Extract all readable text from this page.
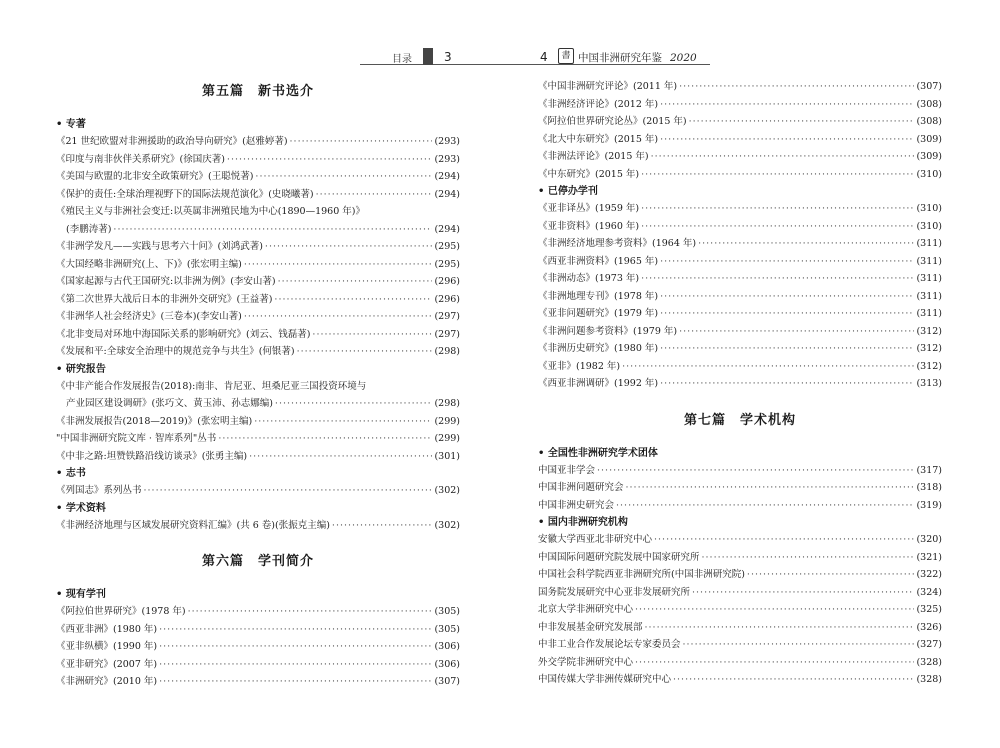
目录	3
第五篇　新书选介
• 专著
《21 世纪欧盟对非洲援助的政治导向研究》(赵雅婷著) ·····	(293)
《印度与南非伙伴关系研究》(徐国庆著) ·····	(293)
《美国与欧盟的北非安全政策研究》(王聪悦著) ·····	(294)
《保护的责任:全球治理视野下的国际法规范演化》(史晓曦著) ·····	(294)
《殖民主义与非洲社会变迁:以英属非洲殖民地为中心(1890—1960 年)》
(李鹏涛著) ·····	(294)
《非洲学发凡——实践与思考六十问》(刘鸿武著) ·····	(295)
《大国经略非洲研究(上、下)》(张宏明主编) ·····	(295)
《国家起源与古代王国研究:以非洲为例》(李安山著) ·····	(296)
《第二次世界大战后日本的非洲外交研究》(王益著) ·····	(296)
《非洲华人社会经济史》(三卷本)(李安山著) ·····	(297)
《北非变局对环地中海国际关系的影响研究》(刘云、钱磊著) ·····	(297)
《发展和平:全球安全治理中的规范竞争与共生》(何银著) ·····	(298)
• 研究报告
《中非产能合作发展报告(2018):南非、肯尼亚、坦桑尼亚三国投资环境与
产业园区建设调研》(张巧文、黄玉沛、孙志娜编) ·····	(298)
《非洲发展报告(2018—2019)》(张宏明主编) ·····	(299)
"中国非洲研究院文库 · 智库系列"丛书 ·····	(299)
《中非之路:坦赞铁路沿线访谈录》(张勇主编) ·····	(301)
• 志书
《列国志》系列丛书 ·····	(302)
• 学术资料
《非洲经济地理与区域发展研究资料汇编》(共 6 卷)(张振克主编) ·····	(302)
第六篇　学刊简介
• 现有学刊
《阿拉伯世界研究》(1978 年) ·····	(305)
《西亚非洲》(1980 年) ·····	(305)
《亚非纵横》(1990 年) ·····	(306)
《亚非研究》(2007 年) ·····	(306)
《非洲研究》(2010 年) ·····	(307)
4	書 中国非洲研究年鉴 2020
《中国非洲研究评论》(2011 年) ·····	(307)
《非洲经济评论》(2012 年) ·····	(308)
《阿拉伯世界研究论丛》(2015 年) ·····	(308)
《北大中东研究》(2015 年) ·····	(309)
《非洲法评论》(2015 年) ·····	(309)
《中东研究》(2015 年) ·····	(310)
• 已停办学刊
《亚非译丛》(1959 年) ·····	(310)
《亚非资料》(1960 年) ·····	(310)
《非洲经济地理参考资料》(1964 年) ·····	(311)
《西亚非洲资料》(1965 年) ·····	(311)
《非洲动态》(1973 年) ·····	(311)
《非洲地理专刊》(1978 年) ·····	(311)
《亚非问题研究》(1979 年) ·····	(311)
《非洲问题参考资料》(1979 年) ·····	(312)
《非洲历史研究》(1980 年) ·····	(312)
《亚非》(1982 年) ·····	(312)
《西亚非洲调研》(1992 年) ·····	(313)
第七篇　学术机构
• 全国性非洲研究学术团体
中国亚非学会 ·····	(317)
中国非洲问题研究会 ·····	(318)
中国非洲史研究会 ·····	(319)
• 国内非洲研究机构
安徽大学西亚北非研究中心 ·····	(320)
中国国际问题研究院发展中国家研究所 ·····	(321)
中国社会科学院西亚非洲研究所(中国非洲研究院) ·····	(322)
国务院发展研究中心亚非发展研究所 ·····	(324)
北京大学非洲研究中心 ·····	(325)
中非发展基金研究发展部 ·····	(326)
中非工业合作发展论坛专家委员会 ·····	(327)
外交学院非洲研究中心 ·····	(328)
中国传媒大学非洲传媒研究中心 ·····	(328)
